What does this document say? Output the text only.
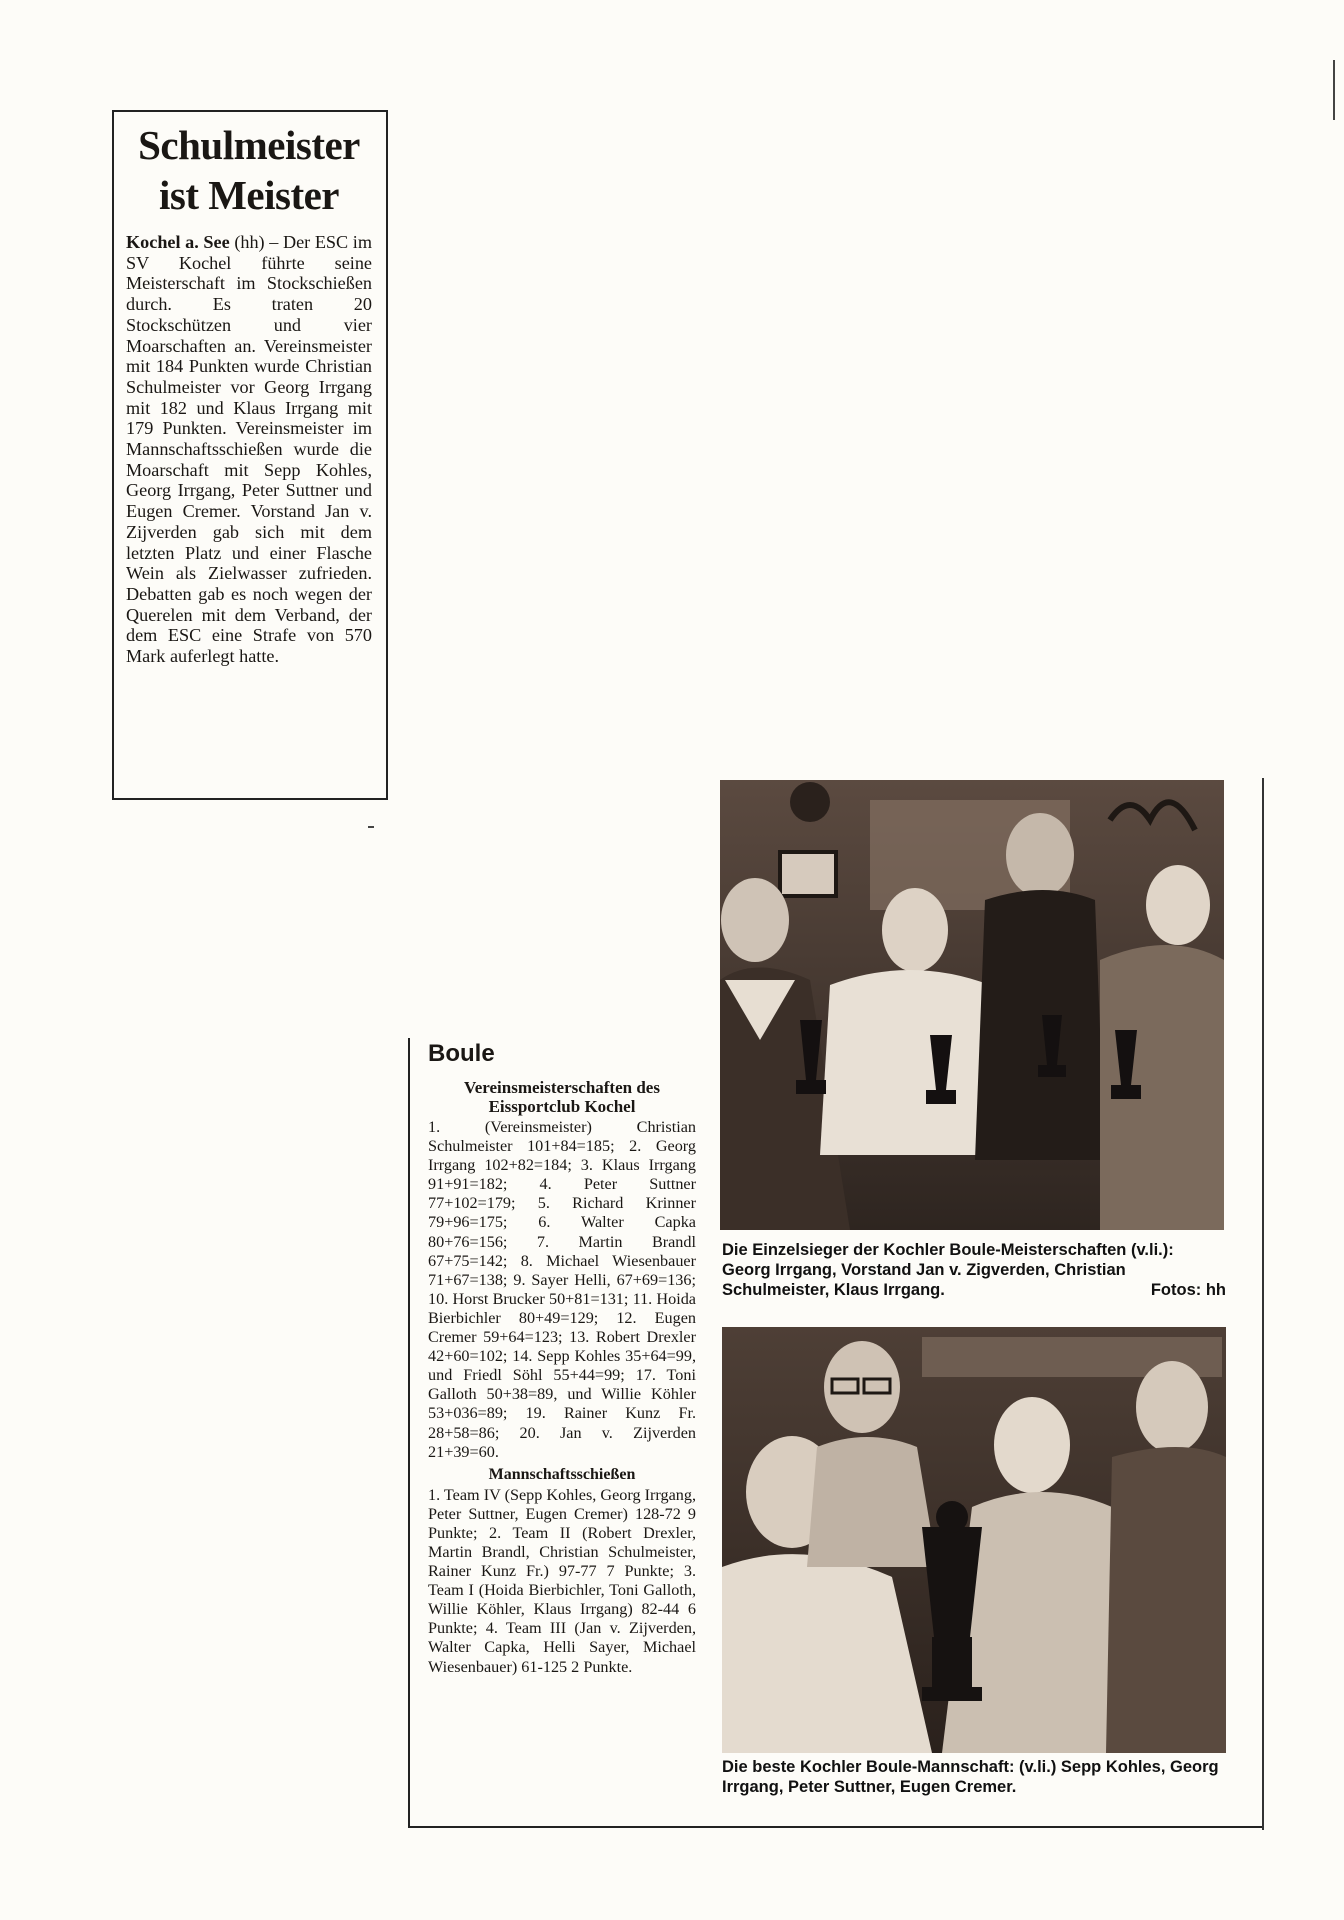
Schulmeister
ist Meister

Kochel a. See (hh) – Der ESC im SV Kochel führte seine Meisterschaft im Stockschießen durch. Es traten 20 Stockschützen und vier Moarschaften an. Vereinsmeister mit 184 Punkten wurde Christian Schulmeister vor Georg Irrgang mit 182 und Klaus Irrgang mit 179 Punkten. Vereinsmeister im Mannschaftsschießen wurde die Moarschaft mit Sepp Kohles, Georg Irrgang, Peter Suttner und Eugen Cremer. Vorstand Jan v. Zijverden gab sich mit dem letzten Platz und einer Flasche Wein als Zielwasser zufrieden. Debatten gab es noch wegen der Querelen mit dem Verband, der dem ESC eine Strafe von 570 Mark auferlegt hatte.

Boule
Vereinsmeisterschaften des Eissportclub Kochel

1. (Vereinsmeister) Christian Schulmeister 101+84=185; 2. Georg Irrgang 102+82=184; 3. Klaus Irrgang 91+91=182; 4. Peter Suttner 77+102=179; 5. Richard Krinner 79+96=175; 6. Walter Capka 80+76=156; 7. Martin Brandl 67+75=142; 8. Michael Wiesenbauer 71+67=138; 9. Sayer Helli, 67+69=136; 10. Horst Brucker 50+81=131; 11. Hoida Bierbichler 80+49=129; 12. Eugen Cremer 59+64=123; 13. Robert Drexler 42+60=102; 14. Sepp Kohles 35+64=99, und Friedl Söhl 55+44=99; 17. Toni Galloth 50+38=89, und Willie Köhler 53+036=89; 19. Rainer Kunz Fr. 28+58=86; 20. Jan v. Zijverden 21+39=60.

Mannschaftsschießen

1. Team IV (Sepp Kohles, Georg Irrgang, Peter Suttner, Eugen Cremer) 128-72 9 Punkte; 2. Team II (Robert Drexler, Martin Brandl, Christian Schulmeister, Rainer Kunz Fr.) 97-77 7 Punkte; 3. Team I (Hoida Bierbichler, Toni Galloth, Willie Köhler, Klaus Irrgang) 82-44 6 Punkte; 4. Team III (Jan v. Zijverden, Walter Capka, Helli Sayer, Michael Wiesenbauer) 61-125 2 Punkte.

Die Einzelsieger der Kochler Boule-Meisterschaften (v.li.): Georg Irrgang, Vorstand Jan v. Zigverden, Christian Schulmeister, Klaus Irrgang.	Fotos: hh
Die beste Kochler Boule-Mannschaft: (v.li.) Sepp Kohles, Georg Irrgang, Peter Suttner, Eugen Cremer.
